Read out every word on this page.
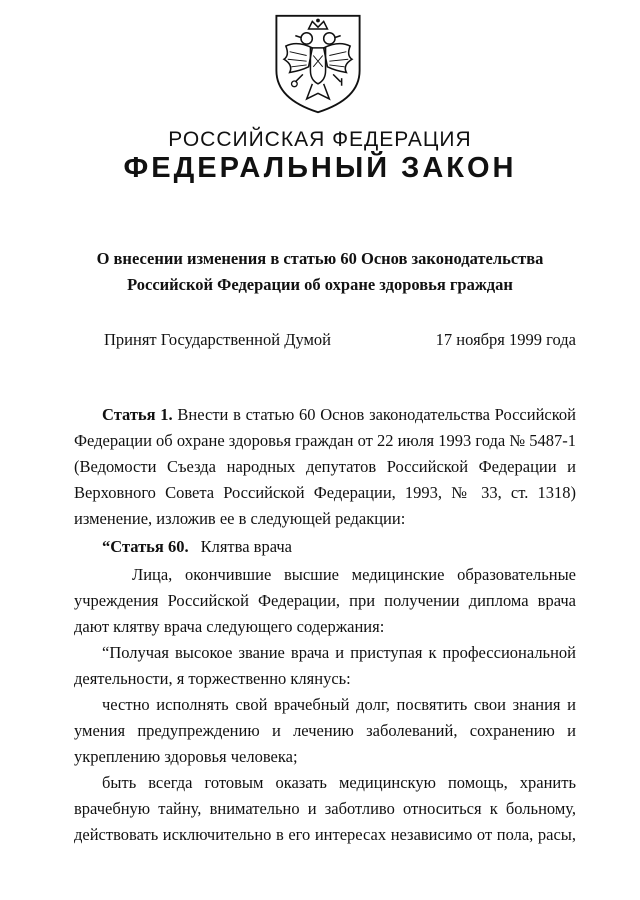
РОССИЙСКАЯ ФЕДЕРАЦИЯ
ФЕДЕРАЛЬНЫЙ ЗАКОН
О внесении изменения в статью 60 Основ законодательства
Российской Федерации об охране здоровья граждан
Принят Государственной Думой	17 ноября 1999 года
Статья 1. Внести в статью 60 Основ законодательства Российской
Федерации об охране здоровья граждан от 22 июля 1993 года № 5487-1
(Ведомости Съезда народных депутатов Российской Федерации и
Верховного Совета Российской Федерации, 1993, № 33, ст. 1318)
изменение, изложив ее в следующей редакции:
“Статья 60. Клятва врача
Лица, окончившие высшие медицинские образовательные
учреждения Российской Федерации, при получении диплома врача
дают клятву врача следующего содержания:
“Получая высокое звание врача и приступая к профессиональной
деятельности, я торжественно клянусь:
честно исполнять свой врачебный долг, посвятить свои знания и
умения предупреждению и лечению заболеваний, сохранению и
укреплению здоровья человека;
быть всегда готовым оказать медицинскую помощь, хранить
врачебную тайну, внимательно и заботливо относиться к больному,
действовать исключительно в его интересах независимо от пола, расы,
